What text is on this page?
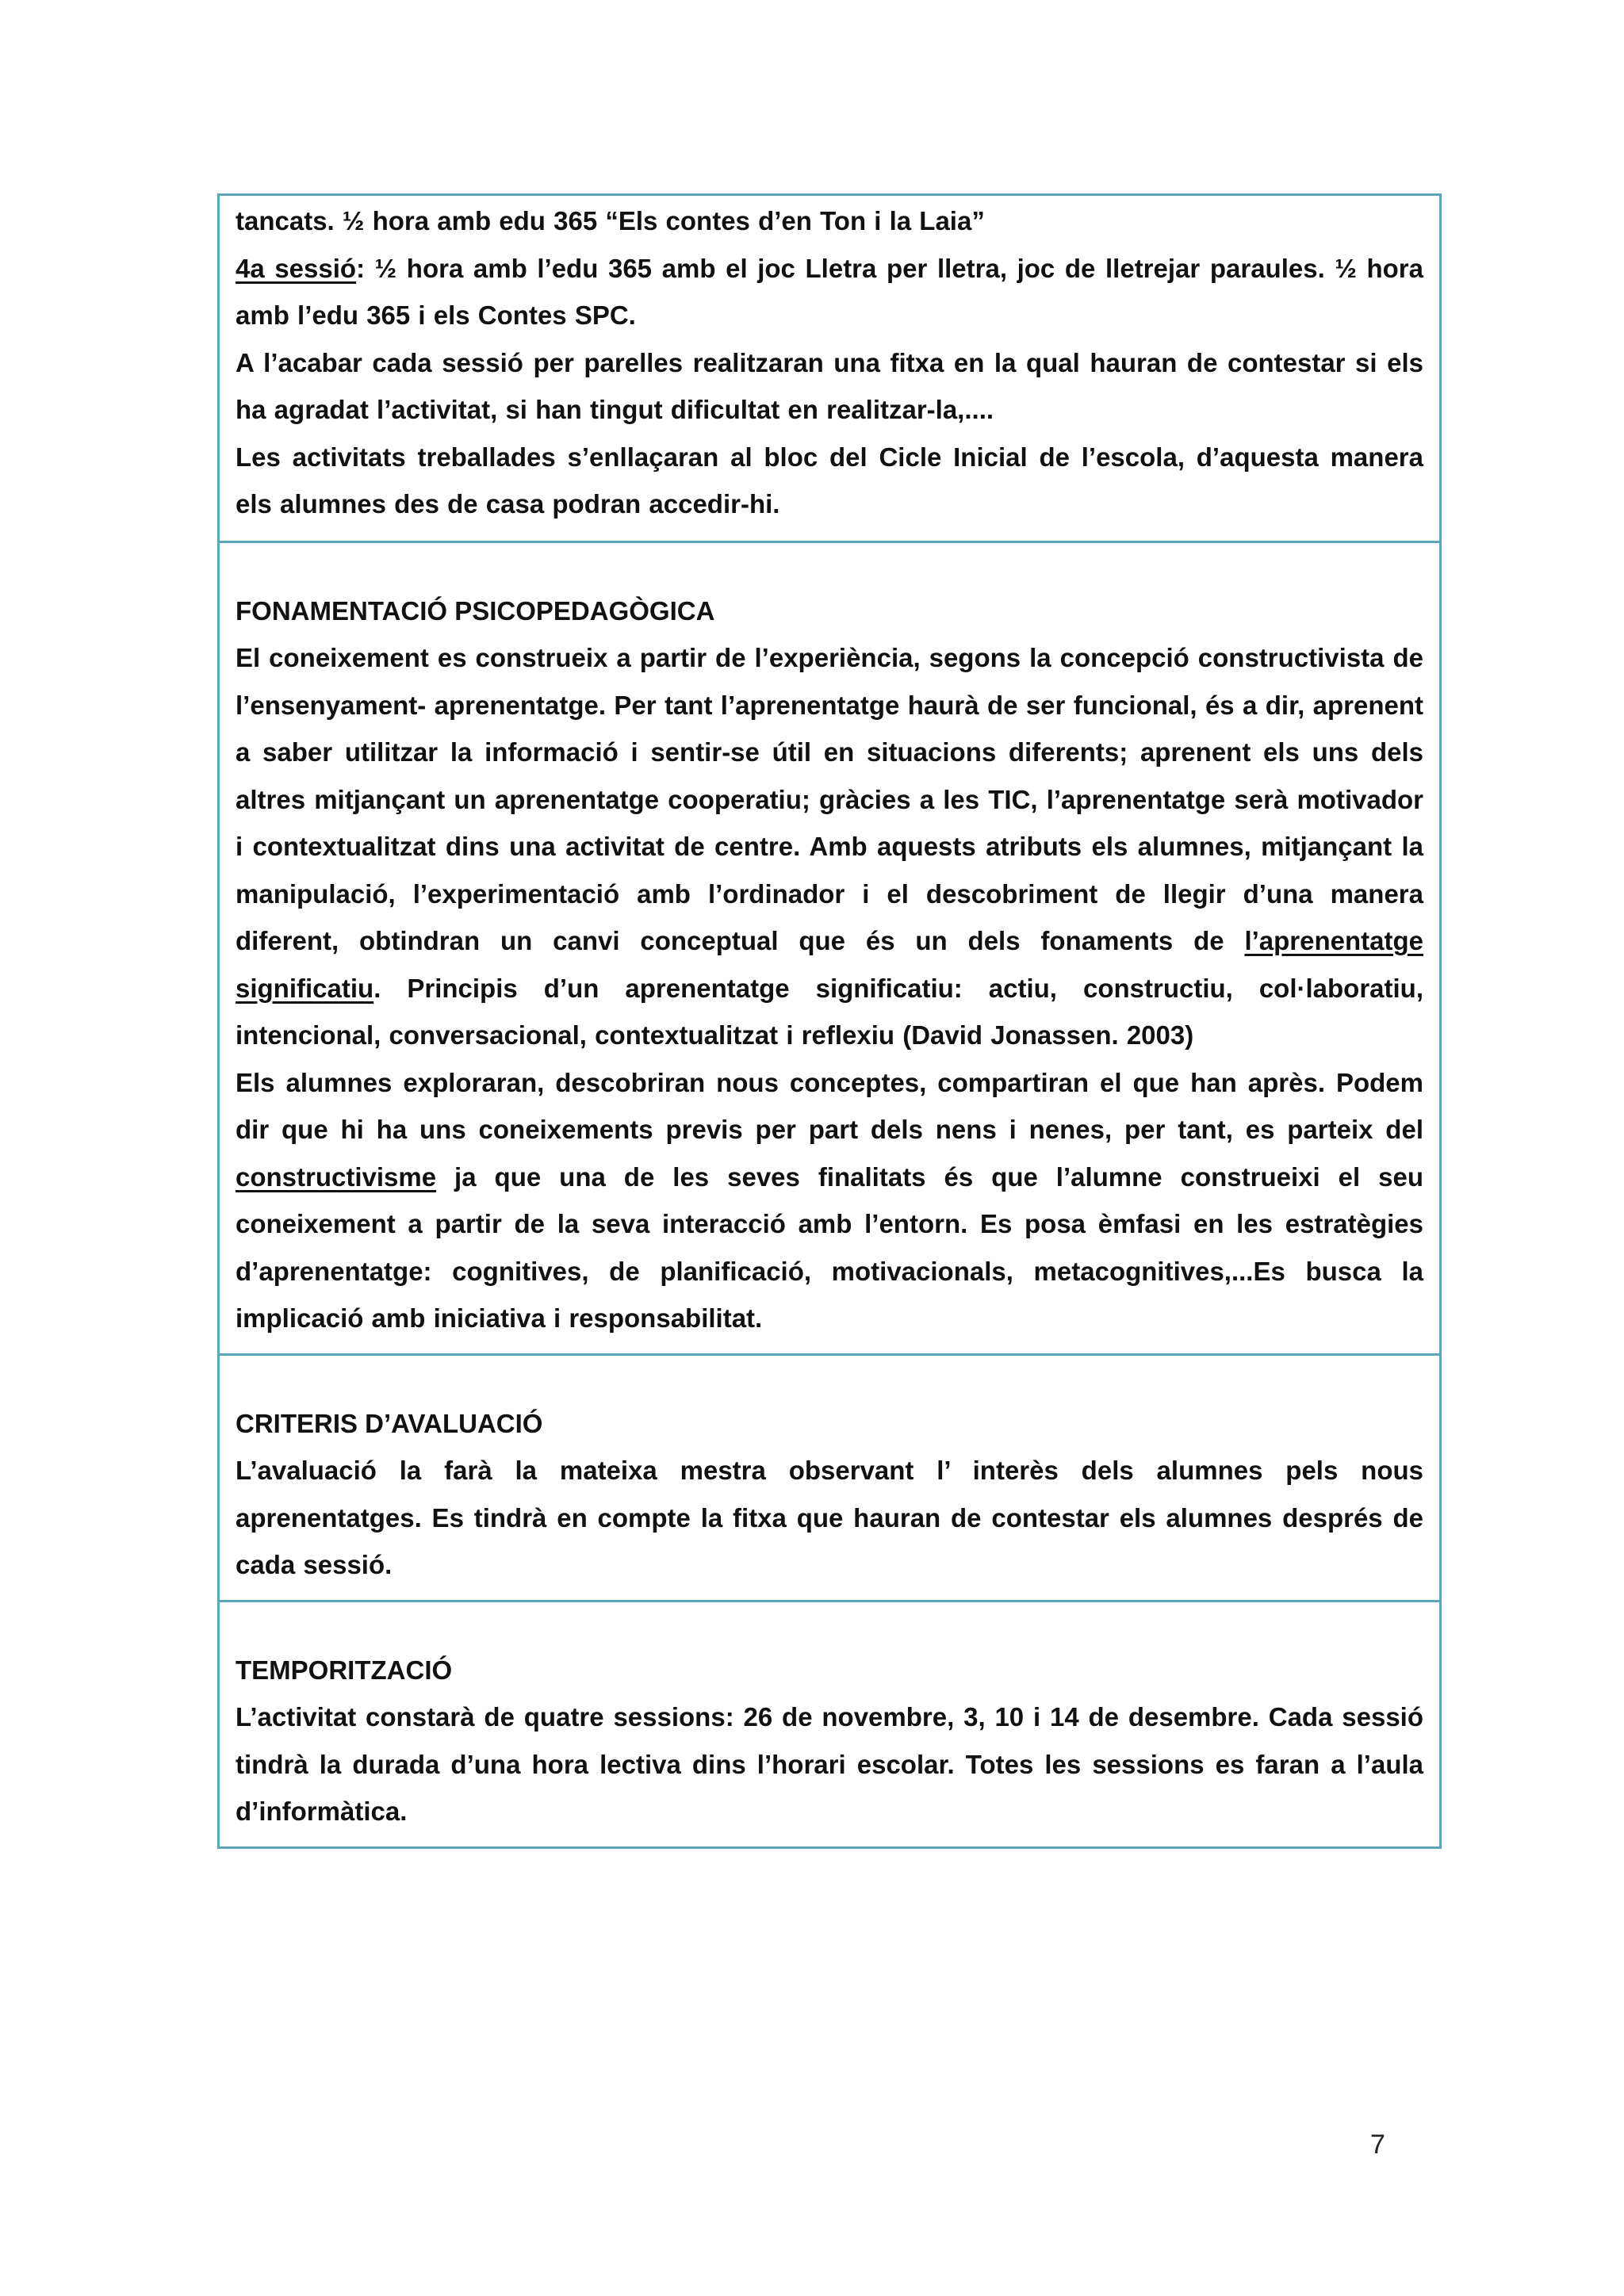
tancats. ½ hora amb edu 365 “Els contes d’en Ton i la Laia”

4a sessió: ½ hora amb l’edu 365 amb el joc Lletra per lletra, joc de lletrejar paraules. ½ hora amb l’edu 365 i els Contes SPC.

A l’acabar cada sessió per parelles realitzaran una fitxa en la qual hauran de contestar si els ha agradat l’activitat, si han tingut dificultat en realitzar-la,....

Les activitats treballades s’enllaçaran al bloc del Cicle Inicial de l’escola, d’aquesta manera els alumnes des de casa podran accedir-hi.

FONAMENTACIÓ PSICOPEDAGÒGICA

El coneixement es construeix a partir de l’experiència, segons la concepció constructivista de l’ensenyament- aprenentatge. Per tant l’aprenentatge haurà de ser funcional, és a dir, aprenent a saber utilitzar la informació i sentir-se útil en situacions diferents; aprenent els uns dels altres mitjançant un aprenentatge cooperatiu; gràcies a les TIC, l’aprenentatge serà motivador i contextualitzat dins una activitat de centre. Amb aquests atributs els alumnes, mitjançant la manipulació, l’experimentació amb l’ordinador i el descobriment de llegir d’una manera diferent, obtindran un canvi conceptual que és un dels fonaments de l’aprenentatge significatiu. Principis d’un aprenentatge significatiu: actiu, constructiu, col·laboratiu, intencional, conversacional, contextualitzat i reflexiu (David Jonassen. 2003)

Els alumnes exploraran, descobriran nous conceptes, compartiran el que han après. Podem dir que hi ha uns coneixements previs per part dels nens i nenes, per tant, es parteix del constructivisme ja que una de les seves finalitats és que l’alumne construeixi el seu coneixement a partir de la seva interacció amb l’entorn. Es posa èmfasi en les estratègies d’aprenentatge: cognitives, de planificació, motivacionals, metacognitives,...Es busca la implicació amb iniciativa i responsabilitat.

CRITERIS D’AVALUACIÓ

L’avaluació la farà la mateixa mestra observant l’ interès dels alumnes pels nous aprenentatges. Es tindrà en compte la fitxa que hauran de contestar els alumnes després de cada sessió.

TEMPORITZACIÓ

L’activitat constarà de quatre sessions: 26 de novembre, 3, 10 i 14 de desembre. Cada sessió tindrà la durada d’una hora lectiva dins l’horari escolar. Totes les sessions es faran a l’aula d’informàtica.

7
